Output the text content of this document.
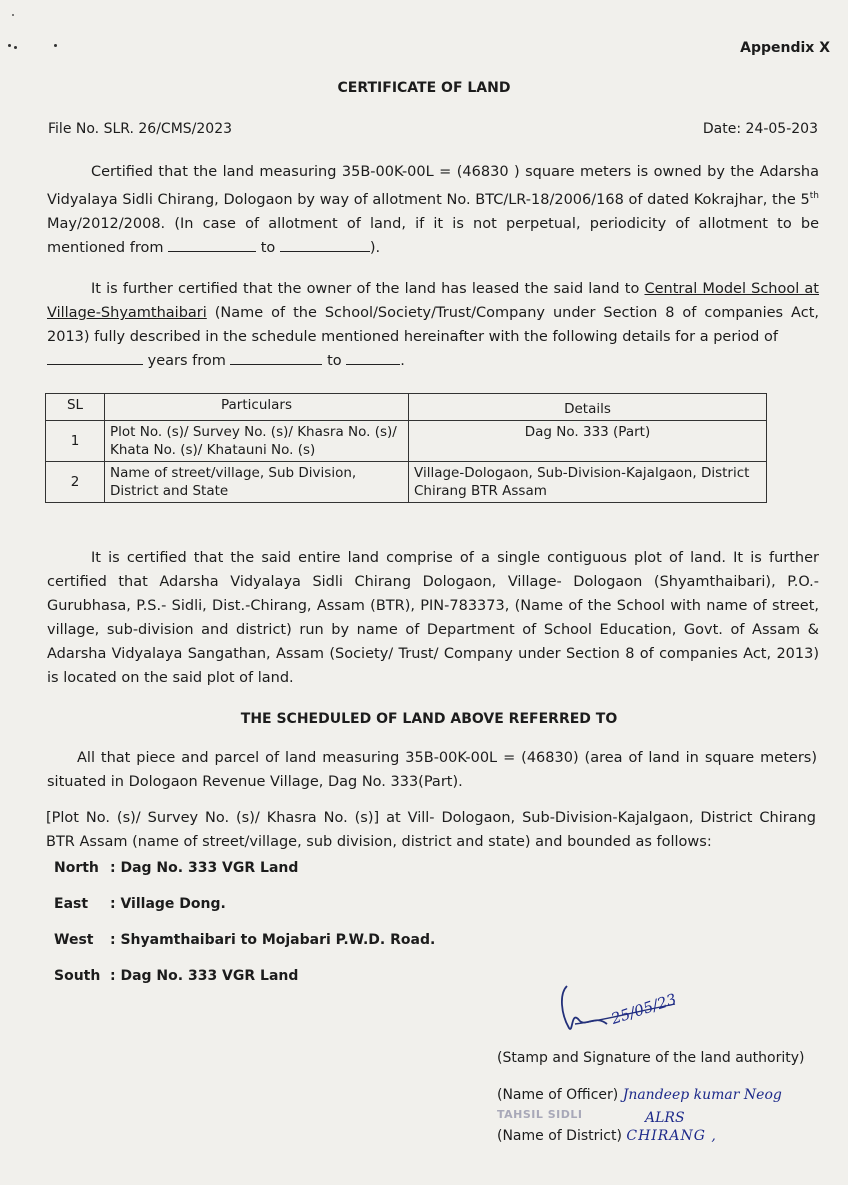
Appendix X
CERTIFICATE OF LAND
File No. SLR. 26/CMS/2023	Date: 24-05-203

Certified that the land measuring 35B-00K-00L = (46830 ) square meters is owned by the Adarsha Vidyalaya Sidli Chirang, Dologaon by way of allotment No. BTC/LR-18/2006/168 of dated Kokrajhar, the 5th May/2012/2008. (In case of allotment of land, if it is not perpetual, periodicity of allotment to be mentioned from	to	).

It is further certified that the owner of the land has leased the said land to Central Model School at Village-Shyamthaibari (Name of the School/Society/Trust/Company under Section 8 of companies Act, 2013) fully described in the schedule mentioned hereinafter with the following details for a period of

years from	to	.

SL	Particulars	Details
1	Plot No. (s)/ Survey No. (s)/ Khasra No. (s)/ Khata No. (s)/ Khatauni No. (s)	Dag No. 333 (Part)
2	Name of street/village, Sub Division, District and State	Village-Dologaon, Sub-Division-Kajalgaon, District Chirang BTR Assam

It is certified that the said entire land comprise of a single contiguous plot of land. It is further certified that Adarsha Vidyalaya Sidli Chirang Dologaon, Village- Dologaon (Shyamthaibari), P.O.-Gurubhasa, P.S.- Sidli, Dist.-Chirang, Assam (BTR), PIN-783373, (Name of the School with name of street, village, sub-division and district) run by name of Department of School Education, Govt. of Assam & Adarsha Vidyalaya Sangathan, Assam (Society/ Trust/ Company under Section 8 of companies Act, 2013) is located on the said plot of land.

THE SCHEDULED OF LAND ABOVE REFERRED TO

All that piece and parcel of land measuring 35B-00K-00L = (46830) (area of land in square meters) situated in Dologaon Revenue Village, Dag No. 333(Part).

[Plot No. (s)/ Survey No. (s)/ Khasra No. (s)] at Vill- Dologaon, Sub-Division-Kajalgaon, District Chirang BTR Assam (name of street/village, sub division, district and state) and bounded as follows:

North : Dag No. 333 VGR Land
East	: Village Dong.
West	: Shyamthaibari to Mojabari P.W.D. Road.
South : Dag No. 333 VGR Land
25/05/23
(Stamp and Signature of the land authority)
(Name of Officer) Jnandeep kumar Neog
TAHSIL SIDLI	ALRS
(Name of District) CHIRANG ,
